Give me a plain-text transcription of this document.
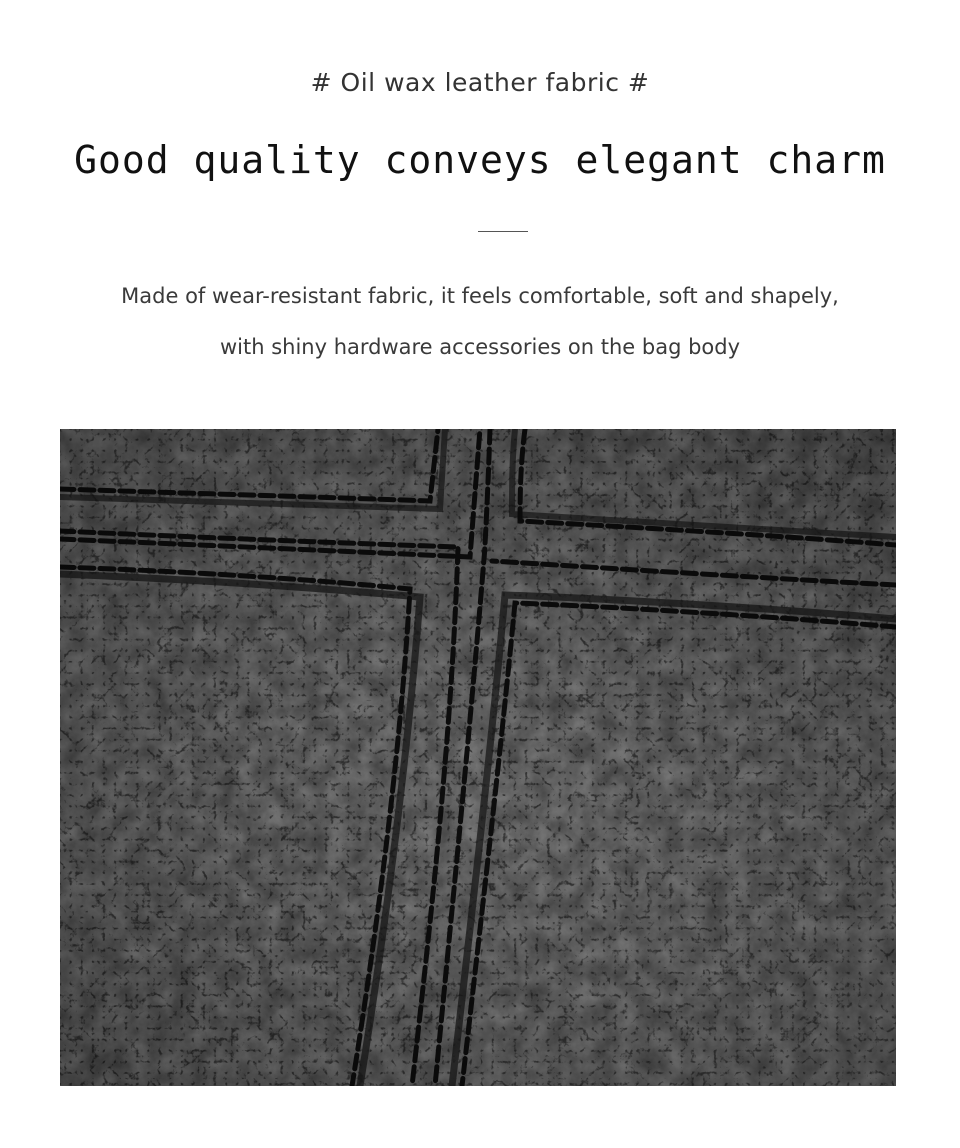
# Oil wax leather fabric #
Good quality conveys elegant charm
Made of wear-resistant fabric, it feels comfortable, soft and shapely,
with shiny hardware accessories on the bag body
